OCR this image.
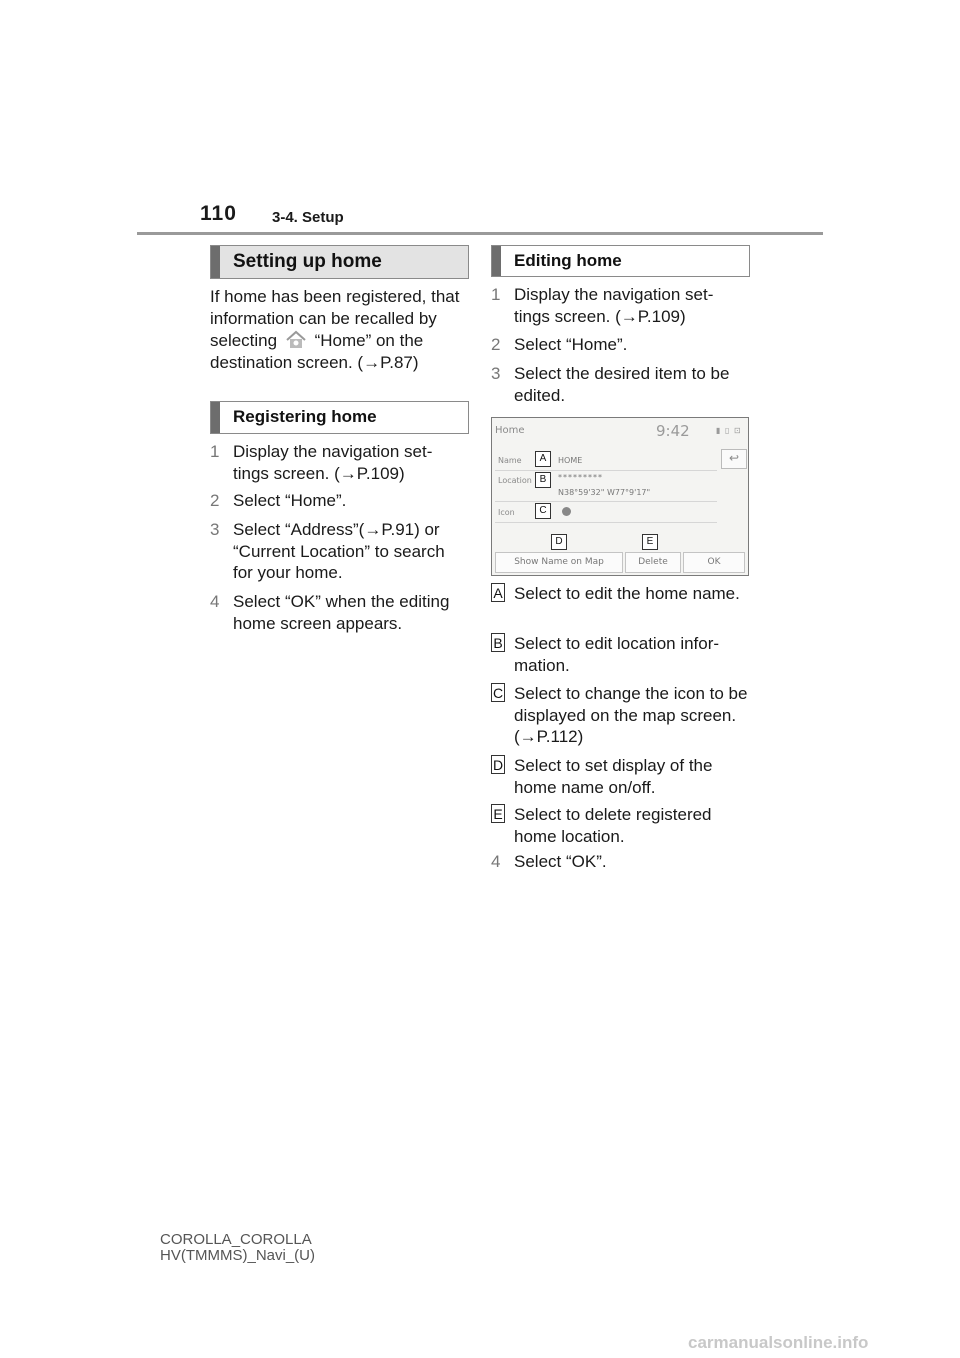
110 3-4. Setup
Setting up home
If home has been registered, that information can be recalled by selecting “Home” on the destination screen. (→P.87)
Registering home
1 Display the navigation set-tings screen. (→P.109)
2 Select “Home”.
3 Select “Address”(→P.91) or “Current Location” to search for your home.
4 Select “OK” when the editing home screen appears.
Editing home
1 Display the navigation set-tings screen. (→P.109)
2 Select “Home”.
3 Select the desired item to be edited.
Home	9:42	▮ ▯ ⊡
↩
Name	A	HOME
Location B	*********
N38°59'32" W77°9'17"
Icon	C
D	E
Show Name on Map	Delete	OK
A Select to edit the home name.
B Select to edit location infor-mation.
C Select to change the icon to be displayed on the map screen. (→P.112)
D Select to set display of the home name on/off.
E Select to delete registered home location.
4 Select “OK”.
COROLLA_COROLLA
HV(TMMMS)_Navi_(U)
carmanualsonline.info
